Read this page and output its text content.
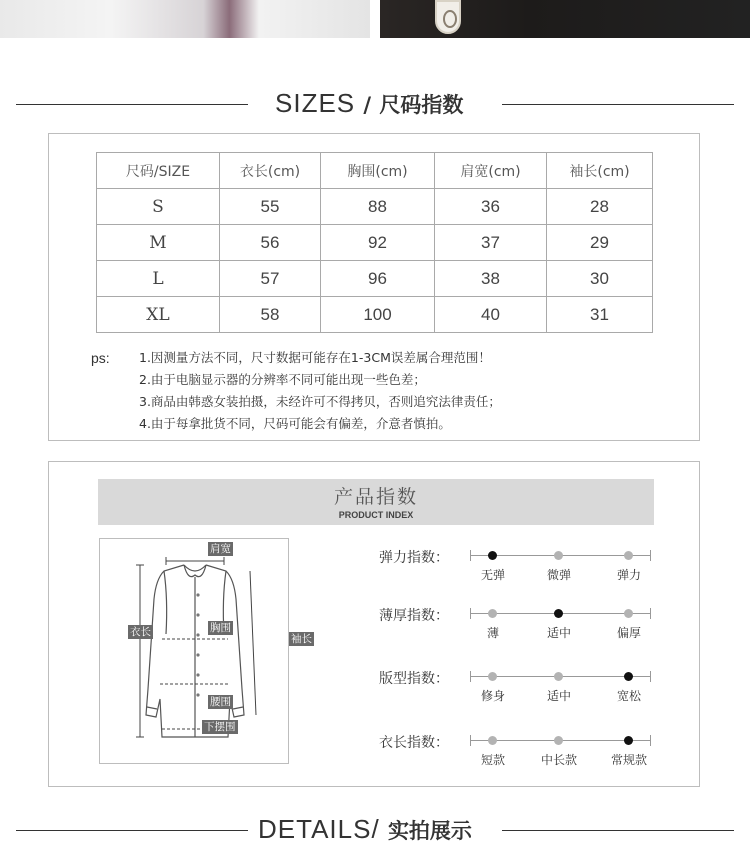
SIZES / 尺码指数
尺码/SIZE	衣长(cm)	胸围(cm)	肩宽(cm)	袖长(cm)
S	55	88	36	28
M	56	92	37	29
L	57	96	38	30
XL	58	100	40	31
ps: 1.因测量方法不同，尺寸数据可能存在1-3CM误差属合理范围！
2.由于电脑显示器的分辨率不同可能出现一些色差；
3.商品由韩惑女装拍摄，未经许可不得拷贝，否则追究法律责任；
4.由于每拿批货不同，尺码可能会有偏差，介意者慎拍。
产品指数
PRODUCT INDEX
肩宽
衣长	胸围
袖长
腰围
下摆围
弹力指数：
无弹	微弹	弹力
薄厚指数：
薄	适中	偏厚
版型指数：
修身	适中	宽松
衣长指数：
短款	中长款	常规款
DETAILS/ 实拍展示
